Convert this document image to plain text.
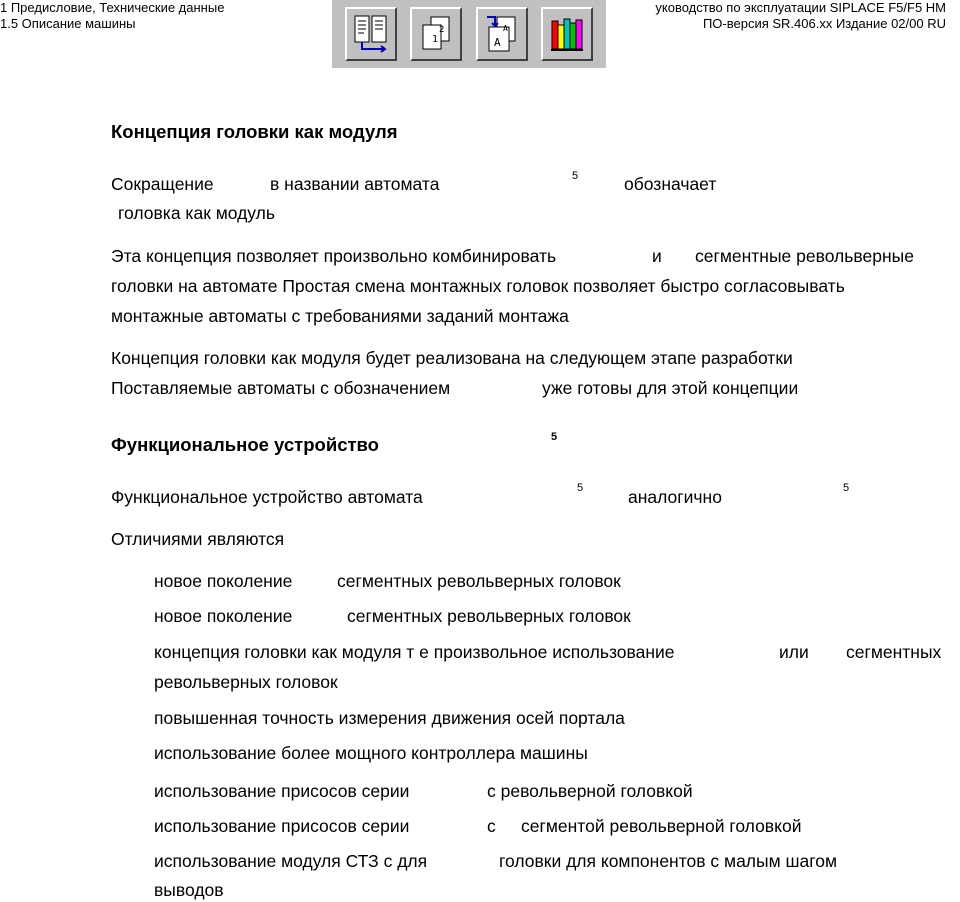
1 Предисловие, Технические данные
1.5 Описание машины
уководство по эксплуатации SIPLACE F5/F5 HM
ПО-версия SR.406.xx Издание 02/00 RU
1
2
A
A
Концепция головки как модуля
Сокращение	в названии автомата	5	обозначает
головка как модуль
Эта концепция позволяет произвольно комбинировать	и сегментные револьверные
головки на автомате Простая смена монтажных головок позволяет быстро согласовывать
монтажные автоматы с требованиями заданий монтажа
Концепция головки как модуля будет реализована на следующем этапе разработки
Поставляемые автоматы с обозначением	уже готовы для этой концепции
Функциональное устройство	5
Функциональное устройство автомата	5	аналогично	5
Отличиями являются
новое поколение	сегментных револьверных головок
новое поколение	сегментных револьверных головок
концепция головки как модуля т е произвольное использование	или сегментных
револьверных головок
повышенная точность измерения движения осей портала
использование более мощного контроллера машины
использование присосов серии	с револьверной головкой
использование присосов серии	с сегментой револьверной головкой
использование модуля СТЗ с для	головки для компонентов с малым шагом
выводов
